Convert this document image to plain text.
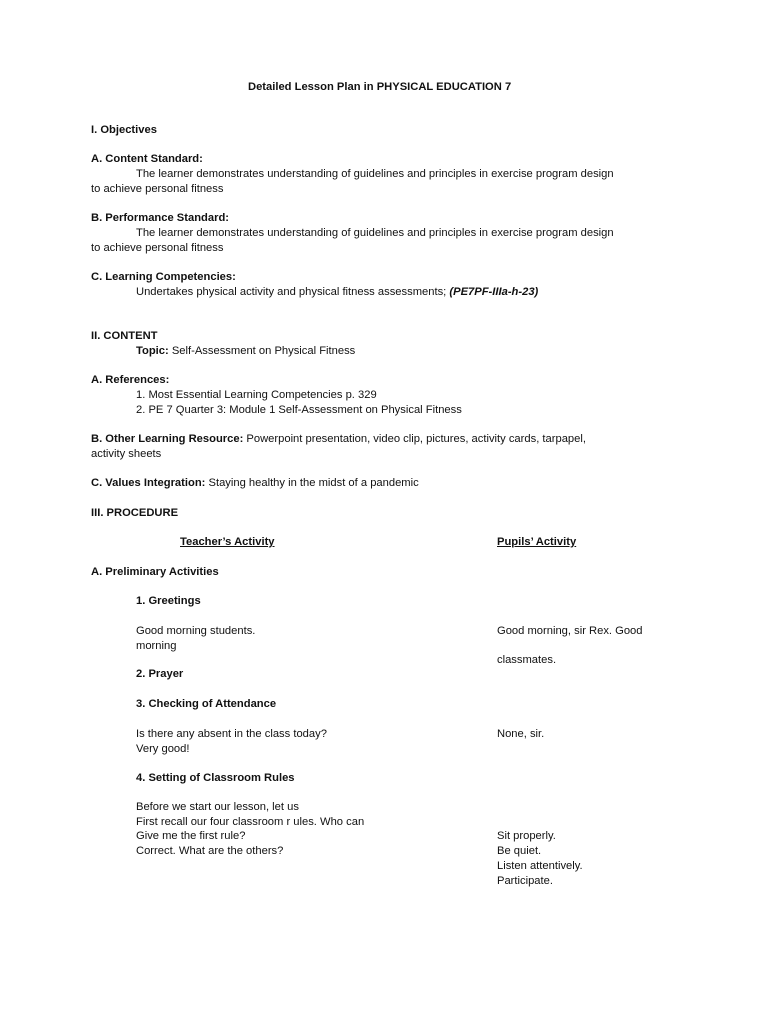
Detailed Lesson Plan in PHYSICAL EDUCATION 7
I. Objectives
A. Content Standard:
The learner demonstrates understanding of guidelines and principles in exercise program design
to achieve personal fitness
B. Performance Standard:
The learner demonstrates understanding of guidelines and principles in exercise program design
to achieve personal fitness
C. Learning Competencies:
Undertakes physical activity and physical fitness assessments; (PE7PF-IIIa-h-23)
II. CONTENT
Topic: Self-Assessment on Physical Fitness
A. References:
1. Most Essential Learning Competencies p. 329
2. PE 7 Quarter 3: Module 1 Self-Assessment on Physical Fitness
B. Other Learning Resource: Powerpoint presentation, video clip, pictures, activity cards, tarpapel,
activity sheets
C. Values Integration: Staying healthy in the midst of a pandemic
III. PROCEDURE
Teacher’s Activity	Pupils’ Activity
A. Preliminary Activities
1. Greetings
Good morning students.
morning
Good morning, sir Rex. Good
classmates.
2. Prayer
3. Checking of Attendance
Is there any absent in the class today?
Very good!
None, sir.
4. Setting of Classroom Rules
Before we start our lesson, let us
First recall our four classroom r ules. Who can
Give me the first rule?
Correct. What are the others?
Sit properly.
Be quiet.
Listen attentively.
Participate.
